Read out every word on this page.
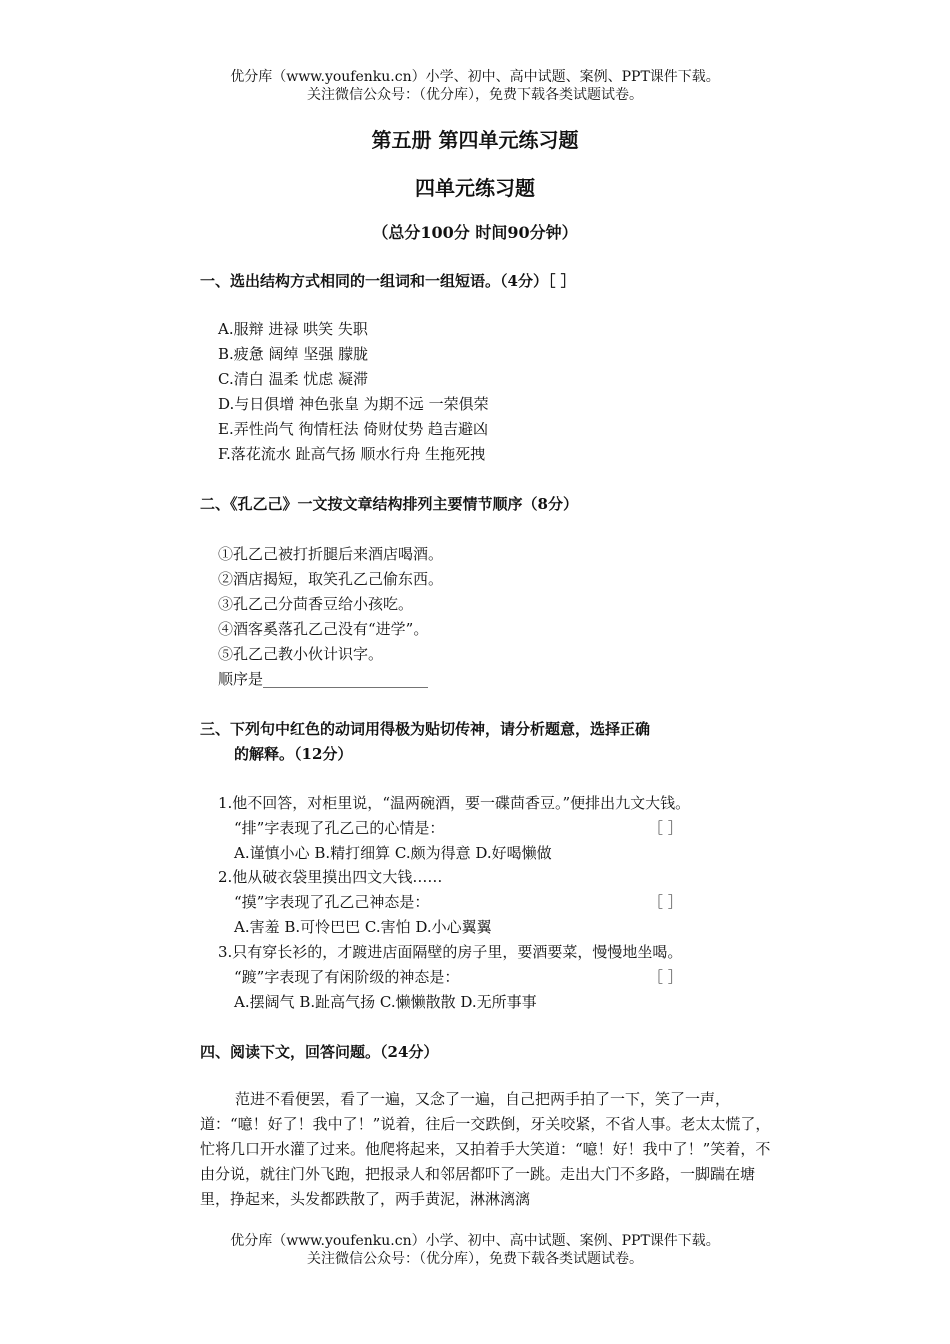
优分库（www.youfenku.cn）小学、初中、高中试题、案例、PPT课件下载。
关注微信公众号：（优分库），免费下载各类试题试卷。
第五册 第四单元练习题
四单元练习题
（总分100分 时间90分钟）
一、选出结构方式相同的一组词和一组短语。（4分）［ ］
A.服辩 进禄 哄笑 失职
B.疲惫 阔绰 坚强 朦胧
C.清白 温柔 忧虑 凝滞
D.与日俱增 神色张皇 为期不远 一荣俱荣
E.弄性尚气 徇情枉法 倚财仗势 趋吉避凶
F.落花流水 趾高气扬 顺水行舟 生拖死拽
二、《孔乙己》一文按文章结构排列主要情节顺序（8分）
①孔乙己被打折腿后来酒店喝酒。
②酒店揭短，取笑孔乙己偷东西。
③孔乙己分茴香豆给小孩吃。
④酒客奚落孔乙己没有“进学”。
⑤孔乙己教小伙计识字。
顺序是______________________
三、下列句中红色的动词用得极为贴切传神，请分析题意，选择正确
的解释。（12分）
1.他不回答，对柜里说，“温两碗酒，要一碟茴香豆。”便排出九文大钱。
“排”字表现了孔乙己的心情是：	［ ］
A.谨慎小心 B.精打细算 C.颇为得意 D.好喝懒做
2.他从破衣袋里摸出四文大钱……
“摸”字表现了孔乙己神态是：	［ ］
A.害羞 B.可怜巴巴 C.害怕 D.小心翼翼
3.只有穿长衫的，才踱进店面隔壁的房子里，要酒要菜，慢慢地坐喝。
“踱”字表现了有闲阶级的神态是：	［ ］
A.摆阔气 B.趾高气扬 C.懒懒散散 D.无所事事
四、阅读下文，回答问题。（24分）

范进不看便罢，看了一遍，又念了一遍，自己把两手拍了一下，笑了一声，道：“噫！好了！我中了！”说着，往后一交跌倒，牙关咬紧，不省人事。老太太慌了，忙将几口开水灌了过来。他爬将起来，又拍着手大笑道：“噫！好！我中了！”笑着，不由分说，就往门外飞跑，把报录人和邻居都吓了一跳。走出大门不多路，一脚踹在塘里，挣起来，头发都跌散了，两手黄泥，淋淋漓漓

优分库（www.youfenku.cn）小学、初中、高中试题、案例、PPT课件下载。
关注微信公众号：（优分库），免费下载各类试题试卷。
